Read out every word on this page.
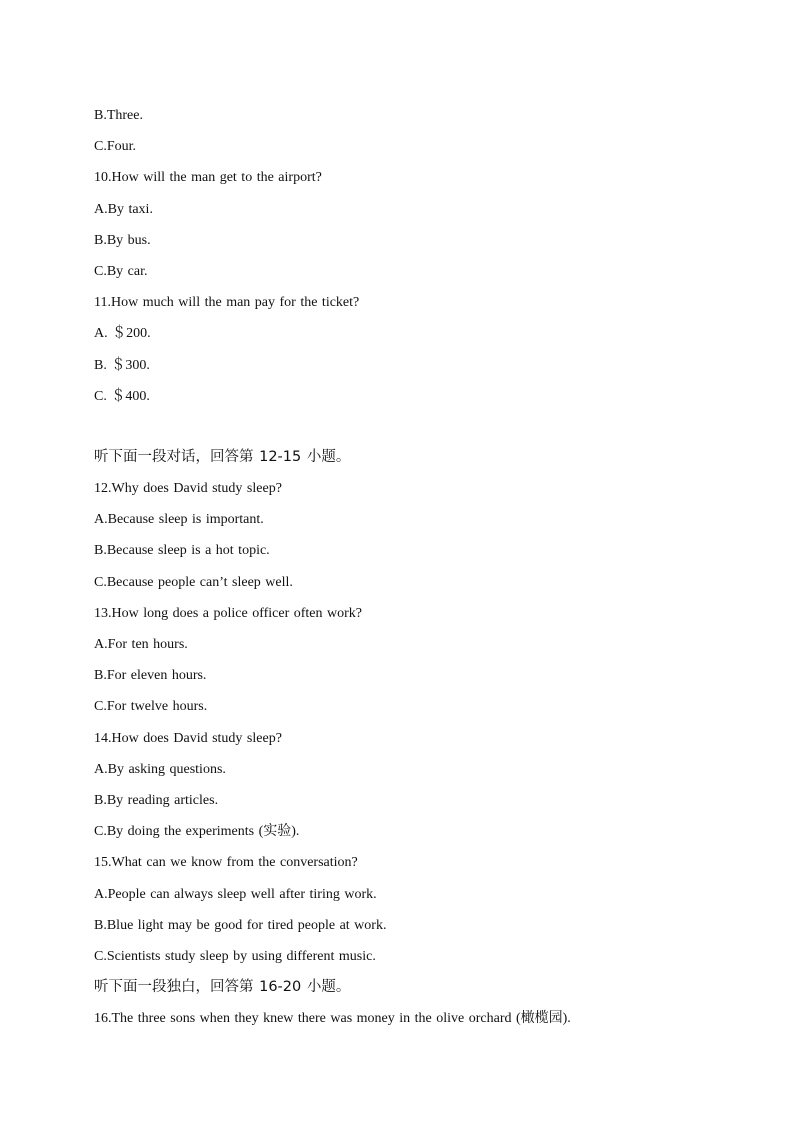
B.Three.
C.Four.
10.How will the man get to the airport?
A.By taxi.
B.By bus.
C.By car.
11.How much will the man pay for the ticket?
A. ＄200.
B. ＄300.
C. ＄400.
听下面一段对话，回答第 12-15 小题。
12.Why does David study sleep?
A.Because sleep is important.
B.Because sleep is a hot topic.
C.Because people can’t sleep well.
13.How long does a police officer often work?
A.For ten hours.
B.For eleven hours.
C.For twelve hours.
14.How does David study sleep?
A.By asking questions.
B.By reading articles.
C.By doing the experiments (实验).
15.What can we know from the conversation?
A.People can always sleep well after tiring work.
B.Blue light may be good for tired people at work.
C.Scientists study sleep by using different music.
听下面一段独白，回答第 16-20 小题。
16.The three sons when they knew there was money in the olive orchard (橄榄园).
